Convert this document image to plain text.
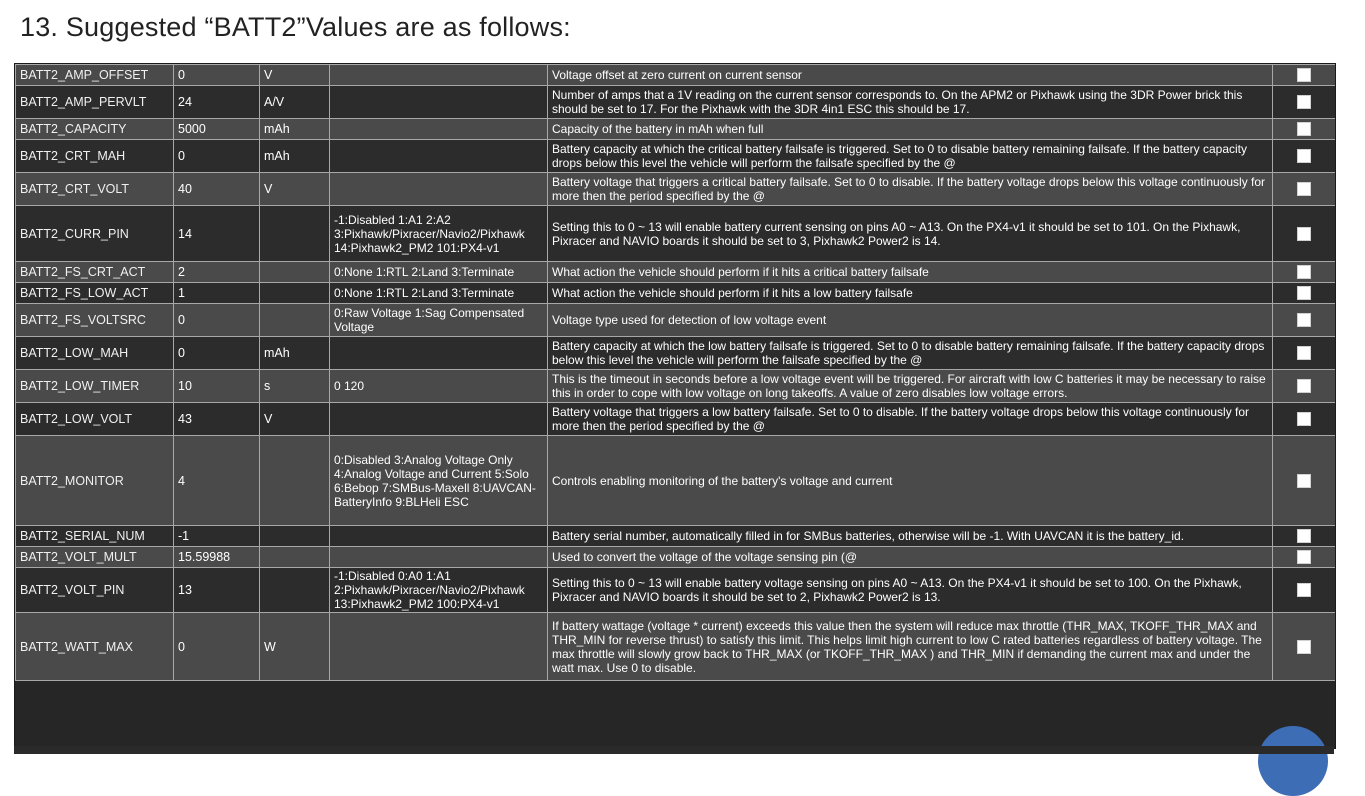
13. Suggested “BATT2”Values are as follows:
BATT2_AMP_OFFSET	0	V		Voltage offset at zero current on current sensor	
BATT2_AMP_PERVLT	24	A/V		Number of amps that a 1V reading on the current sensor corresponds to. On the APM2 or Pixhawk using the 3DR Power brick this should be set to 17. For the Pixhawk with the 3DR 4in1 ESC this should be 17.	
BATT2_CAPACITY	5000	mAh		Capacity of the battery in mAh when full	
BATT2_CRT_MAH	0	mAh		Battery capacity at which the critical battery failsafe is triggered. Set to 0 to disable battery remaining failsafe. If the battery capacity drops below this level the vehicle will perform the failsafe specified by the @	
BATT2_CRT_VOLT	40	V		Battery voltage that triggers a critical battery failsafe. Set to 0 to disable. If the battery voltage drops below this voltage continuously for more then the period specified by the @	
BATT2_CURR_PIN	14		-1:Disabled 1:A1 2:A2 3:Pixhawk/Pixracer/Navio2/Pixhawk 14:Pixhawk2_PM2 101:PX4-v1	Setting this to 0 ~ 13 will enable battery current sensing on pins A0 ~ A13. On the PX4-v1 it should be set to 101. On the Pixhawk, Pixracer and NAVIO boards it should be set to 3, Pixhawk2 Power2 is 14.	
BATT2_FS_CRT_ACT	2		0:None 1:RTL 2:Land 3:Terminate	What action the vehicle should perform if it hits a critical battery failsafe	
BATT2_FS_LOW_ACT	1		0:None 1:RTL 2:Land 3:Terminate	What action the vehicle should perform if it hits a low battery failsafe	
BATT2_FS_VOLTSRC	0		0:Raw Voltage 1:Sag Compensated Voltage	Voltage type used for detection of low voltage event	
BATT2_LOW_MAH	0	mAh		Battery capacity at which the low battery failsafe is triggered. Set to 0 to disable battery remaining failsafe. If the battery capacity drops below this level the vehicle will perform the failsafe specified by the @	
BATT2_LOW_TIMER	10	s	0 120	This is the timeout in seconds before a low voltage event will be triggered. For aircraft with low C batteries it may be necessary to raise this in order to cope with low voltage on long takeoffs. A value of zero disables low voltage errors.	
BATT2_LOW_VOLT	43	V		Battery voltage that triggers a low battery failsafe. Set to 0 to disable. If the battery voltage drops below this voltage continuously for more then the period specified by the @	
BATT2_MONITOR	4		0:Disabled 3:Analog Voltage Only 4:Analog Voltage and Current 5:Solo 6:Bebop 7:SMBus-Maxell 8:UAVCAN-BatteryInfo 9:BLHeli ESC	Controls enabling monitoring of the battery's voltage and current	
BATT2_SERIAL_NUM	-1			Battery serial number, automatically filled in for SMBus batteries, otherwise will be -1. With UAVCAN it is the battery_id.	
BATT2_VOLT_MULT	15.59988			Used to convert the voltage of the voltage sensing pin (@	
BATT2_VOLT_PIN	13		-1:Disabled 0:A0 1:A1 2:Pixhawk/Pixracer/Navio2/Pixhawk 13:Pixhawk2_PM2 100:PX4-v1	Setting this to 0 ~ 13 will enable battery voltage sensing on pins A0 ~ A13. On the PX4-v1 it should be set to 100. On the Pixhawk, Pixracer and NAVIO boards it should be set to 2, Pixhawk2 Power2 is 13.	
BATT2_WATT_MAX	0	W		If battery wattage (voltage * current) exceeds this value then the system will reduce max throttle (THR_MAX, TKOFF_THR_MAX and THR_MIN for reverse thrust) to satisfy this limit. This helps limit high current to low C rated batteries regardless of battery voltage. The max throttle will slowly grow back to THR_MAX (or TKOFF_THR_MAX ) and THR_MIN if demanding the current max and under the watt max. Use 0 to disable.	
